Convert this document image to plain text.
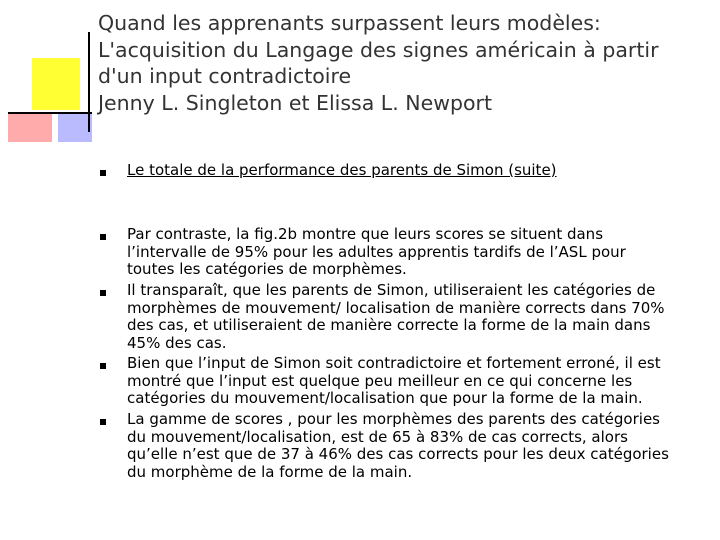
Quand les apprenants surpassent leurs modèles:
L'acquisition du Langage des signes américain à partir
d'un input contradictoire
Jenny L. Singleton et Elissa L. Newport
Le totale de la performance des parents de Simon (suite)
Par contraste, la fig.2b montre que leurs scores se situent dans
l’intervalle de 95% pour les adultes apprentis tardifs de l’ASL pour
toutes les catégories de morphèmes.
Il transparaît, que les parents de Simon, utiliseraient les catégories de
morphèmes de mouvement/ localisation de manière corrects dans 70%
des cas, et utiliseraient de manière correcte la forme de la main dans
45% des cas.
Bien que l’input de Simon soit contradictoire et fortement erroné, il est
montré que l’input est quelque peu meilleur en ce qui concerne les
catégories du mouvement/localisation que pour la forme de la main.
La gamme de scores , pour les morphèmes des parents des catégories
du mouvement/localisation, est de 65 à 83% de cas corrects, alors
qu’elle n’est que de 37 à 46% des cas corrects pour les deux catégories
du morphème de la forme de la main.
